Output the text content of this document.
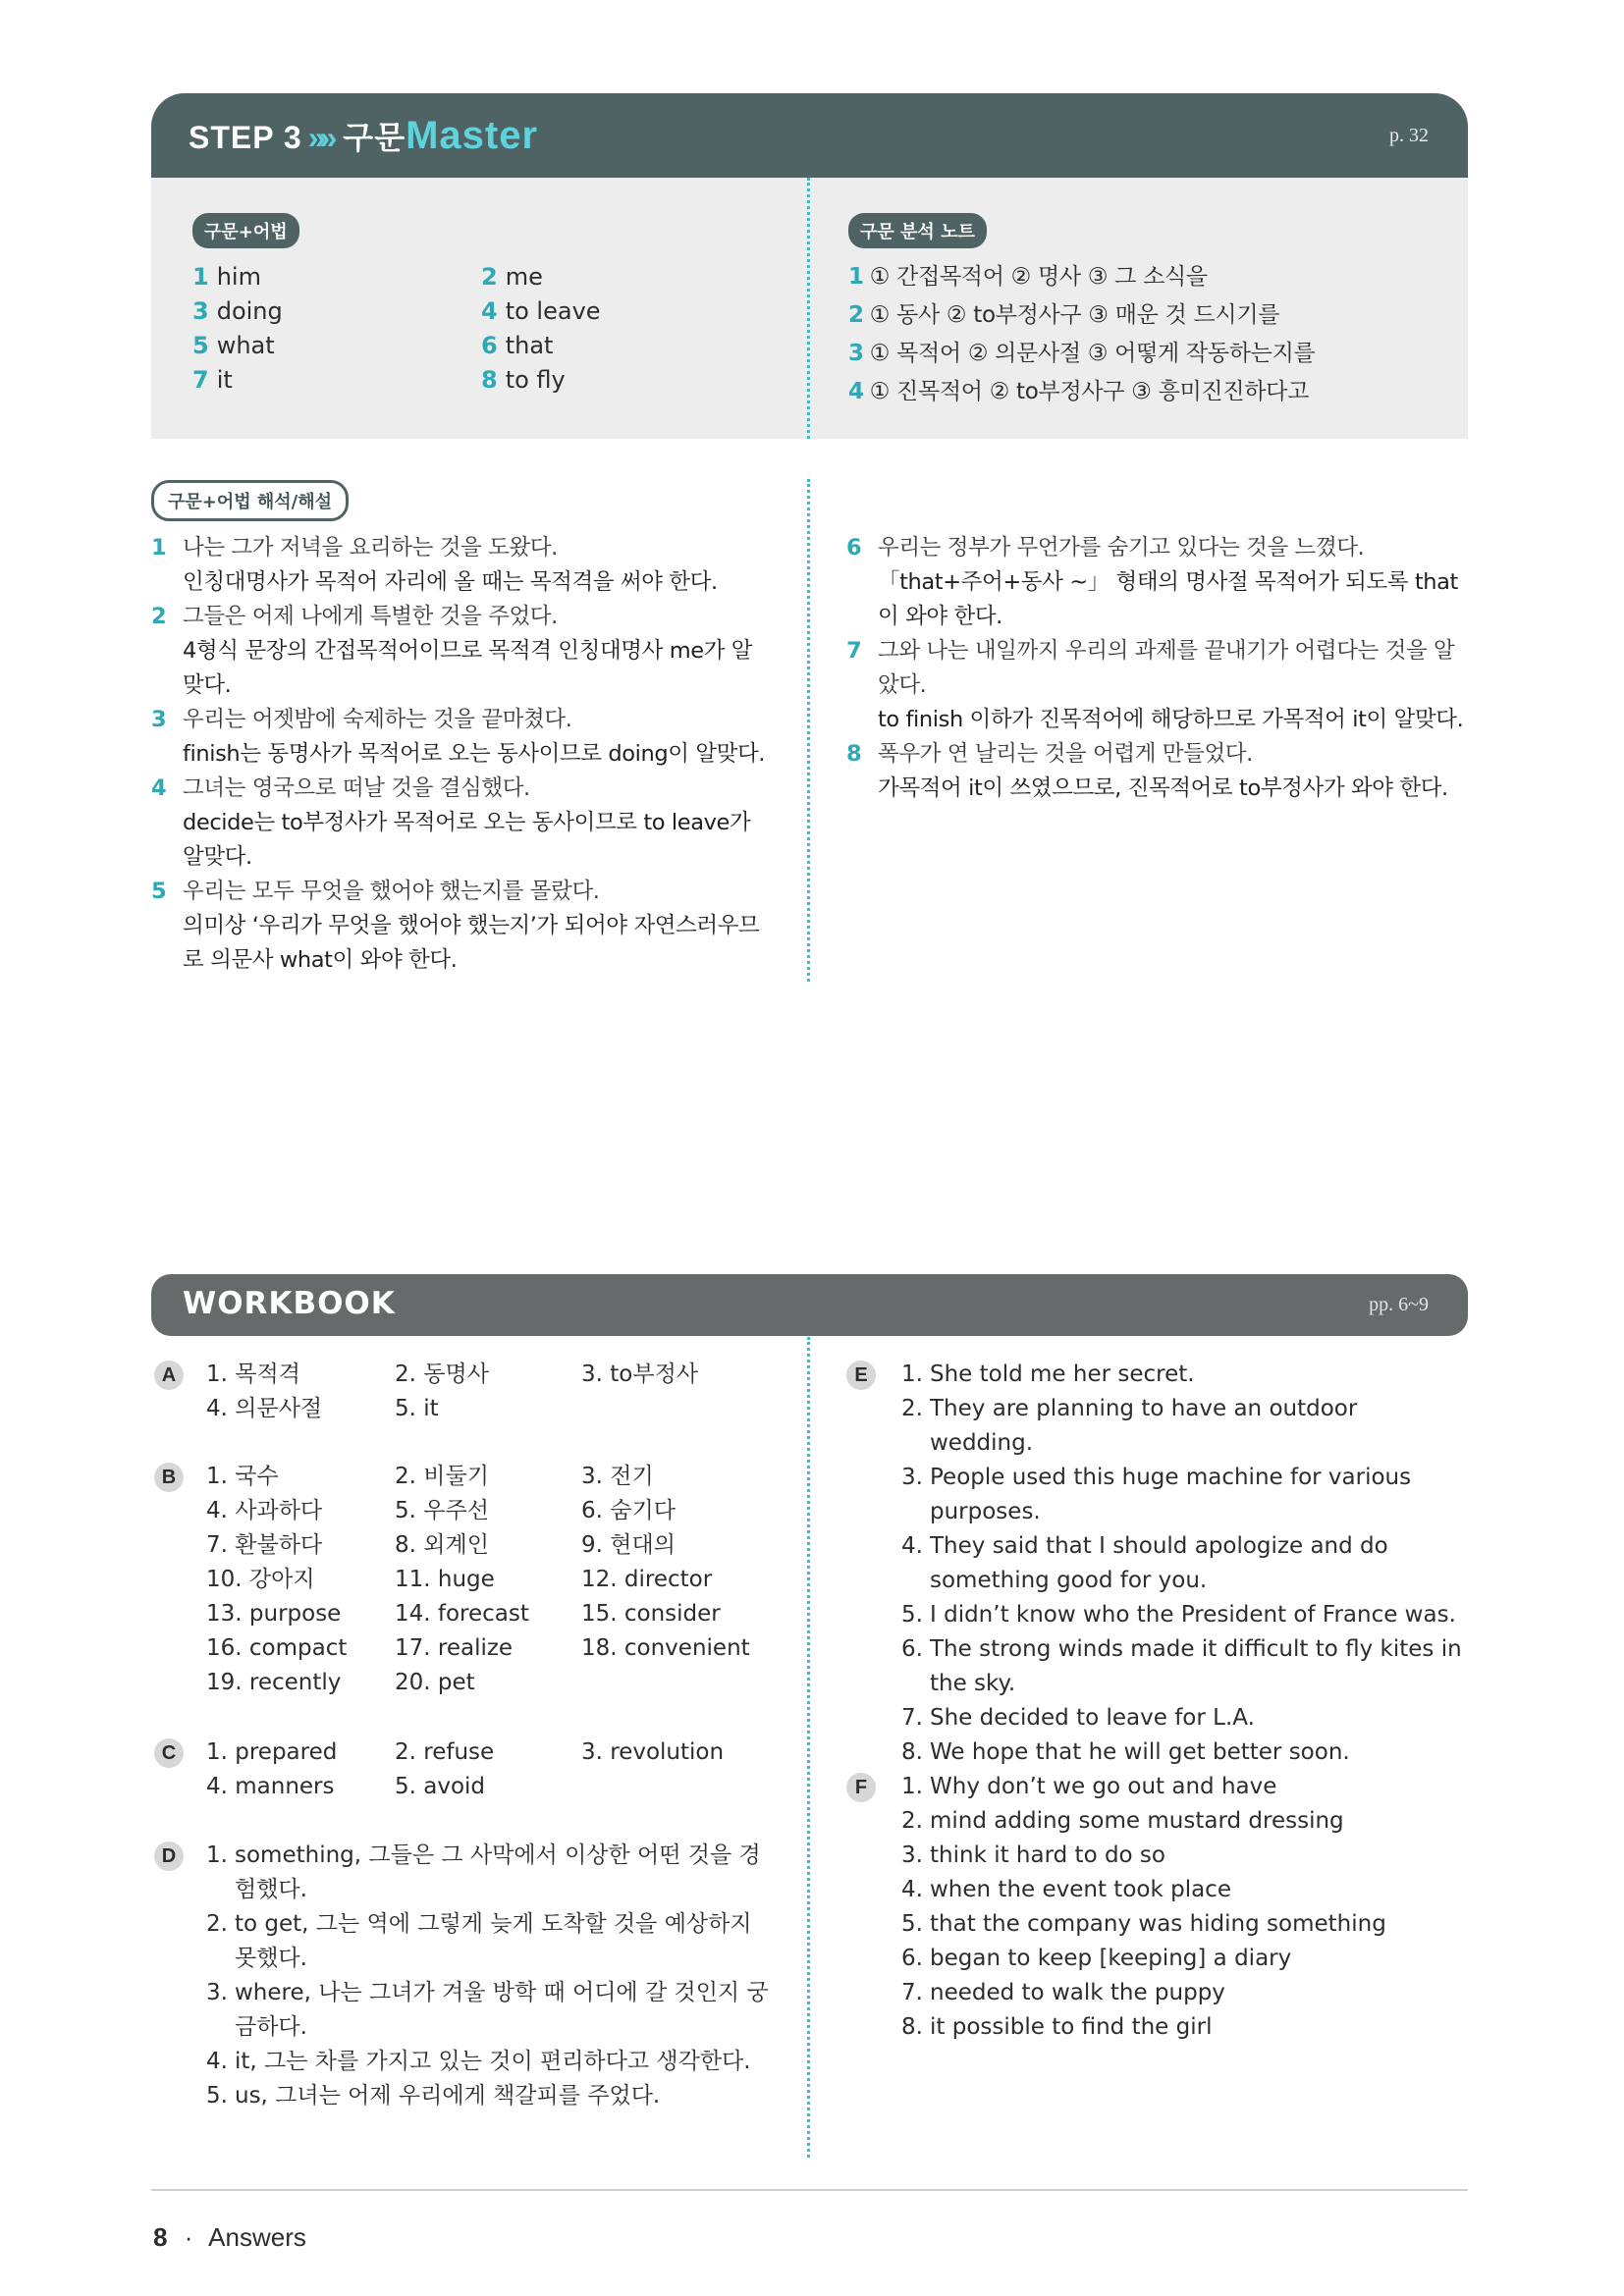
STEP 3 »» 구문Master	p. 32
구문+어법
1 him	2 me
3 doing	4 to leave
5 what	6 that
7 it	8 to fly
구문 분석 노트
1 ① 간접목적어 ② 명사 ③ 그 소식을
2 ① 동사 ② to부정사구 ③ 매운 것 드시기를
3 ① 목적어 ② 의문사절 ③ 어떻게 작동하는지를
4 ① 진목적어 ② to부정사구 ③ 흥미진진하다고
구문+어법 해석/해설
1 나는 그가 저녁을 요리하는 것을 도왔다.
인칭대명사가 목적어 자리에 올 때는 목적격을 써야 한다.
2 그들은 어제 나에게 특별한 것을 주었다.
4형식 문장의 간접목적어이므로 목적격 인칭대명사 me가 알맞다.
3 우리는 어젯밤에 숙제하는 것을 끝마쳤다.
finish는 동명사가 목적어로 오는 동사이므로 doing이 알맞다.
4 그녀는 영국으로 떠날 것을 결심했다.
decide는 to부정사가 목적어로 오는 동사이므로 to leave가 알맞다.
5 우리는 모두 무엇을 했어야 했는지를 몰랐다.
의미상 ‘우리가 무엇을 했어야 했는지’가 되어야 자연스러우므로 의문사 what이 와야 한다.
6 우리는 정부가 무언가를 숨기고 있다는 것을 느꼈다.
「that+주어+동사 ~」 형태의 명사절 목적어가 되도록 that이 와야 한다.
7 그와 나는 내일까지 우리의 과제를 끝내기가 어렵다는 것을 알았다.
to finish 이하가 진목적어에 해당하므로 가목적어 it이 알맞다.
8 폭우가 연 날리는 것을 어렵게 만들었다.
가목적어 it이 쓰였으므로, 진목적어로 to부정사가 와야 한다.
WORKBOOK	pp. 6~9
A	1. 목적격	2. 동명사	3. to부정사
4. 의문사절	5. it
B	1. 국수	2. 비둘기	3. 전기
4. 사과하다	5. 우주선	6. 숨기다
7. 환불하다	8. 외계인	9. 현대의
10. 강아지	11. huge	12. director
13. purpose 14. forecast 15. consider
16. compact 17. realize	18. convenient
19. recently 20. pet
C	1. prepared	2. refuse	3. revolution
4. manners	5. avoid
D	1. something, 그들은 그 사막에서 이상한 어떤 것을 경험했다.
2. to get, 그는 역에 그렇게 늦게 도착할 것을 예상하지 못했다.
3. where, 나는 그녀가 겨울 방학 때 어디에 갈 것인지 궁금하다.
4. it, 그는 차를 가지고 있는 것이 편리하다고 생각한다.
5. us, 그녀는 어제 우리에게 책갈피를 주었다.
E	1. She told me her secret.
2. They are planning to have an outdoor wedding.
3. People used this huge machine for various purposes.
4. They said that I should apologize and do something good for you.
5. I didn’t know who the President of France was.
6. The strong winds made it difficult to fly kites in the sky.
7. She decided to leave for L.A.
8. We hope that he will get better soon.
F	1. Why don’t we go out and have
2. mind adding some mustard dressing
3. think it hard to do so
4. when the event took place
5. that the company was hiding something
6. began to keep [keeping] a diary
7. needed to walk the puppy
8. it possible to find the girl
8 · Answers
